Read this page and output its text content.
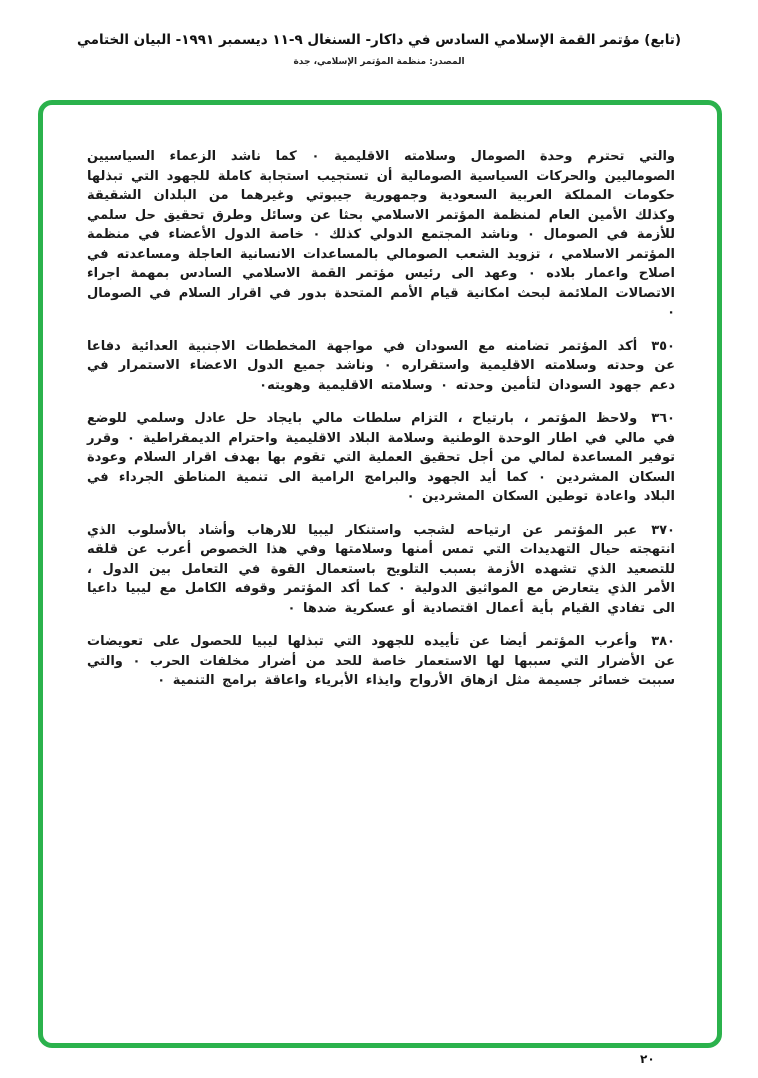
(تابع) مؤتمر القمة الإسلامي السادس في داكار- السنغال ٩-١١ ديسمبر ١٩٩١- البيان الختامي
المصدر: منظمة المؤتمر الإسلامي، جدة

والتي تحترم وحدة الصومال وسلامته الاقليمية ٠ كما ناشد الزعماء السياسيين الصوماليين والحركات السياسية الصومالية أن تستجيب استجابة كاملة للجهود التي تبذلها حكومات المملكة العربية السعودية وجمهورية جيبوتي وغيرهما من البلدان الشقيقة وكذلك الأمين العام لمنظمة المؤتمر الاسلامي بحثا عن وسائل وطرق تحقيق حل سلمي للأزمة في الصومال ٠ وناشد المجتمع الدولي كذلك ٠ خاصة الدول الأعضاء في منظمة المؤتمر الاسلامي ، تزويد الشعب الصومالي بالمساعدات الانسانية العاجلة ومساعدته في اصلاح واعمار بلاده ٠ وعهد الى رئيس مؤتمر القمة الاسلامي السادس بمهمة اجراء الاتصالات الملائمة لبحث امكانية قيام الأمم المتحدة بدور في اقرار السلام في الصومال ٠

٣٥٠أكد المؤتمر تضامنه مع السودان في مواجهة المخططات الاجنبية العدائية دفاعا عن وحدته وسلامته الاقليمية واستقراره ٠ وناشد جميع الدول الاعضاء الاستمرار في دعم جهود السودان لتأمين وحدته ٠ وسلامته الاقليمية وهويته٠

٣٦٠ولاحظ المؤتمر ، بارتياح ، التزام سلطات مالي بايجاد حل عادل وسلمي للوضع في مالي في اطار الوحدة الوطنية وسلامة البلاد الاقليمية واحترام الديمقراطية ٠ وقرر توفير المساعدة لمالي من أجل تحقيق العملية التي تقوم بها بهدف اقرار السلام وعودة السكان المشردين ٠ كما أيد الجهود والبرامج الرامية الى تنمية المناطق الجرداء في البلاد واعادة توطين السكان المشردين ٠

٣٧٠عبر المؤتمر عن ارتياحه لشجب واستنكار ليبيا للارهاب وأشاد بالأسلوب الذي انتهجته حيال التهديدات التي تمس أمنها وسلامتها وفي هذا الخصوص أعرب عن قلقه للتصعيد الذي تشهده الأزمة بسبب التلويح باستعمال القوة في التعامل بين الدول ، الأمر الذي يتعارض مع المواثيق الدولية ٠ كما أكد المؤتمر وقوفه الكامل مع ليبيا داعيا الى تفادي القيام بأية أعمال اقتصادية أو عسكرية ضدها ٠

٣٨٠وأعرب المؤتمر أيضا عن تأييده للجهود التي تبذلها ليبيا للحصول على تعويضات عن الأضرار التي سببها لها الاستعمار خاصة للحد من أضرار مخلفات الحرب ٠ والتي سببت خسائر جسيمة مثل ازهاق الأرواح وايذاء الأبرياء واعاقة برامج التنمية ٠

٢٠
